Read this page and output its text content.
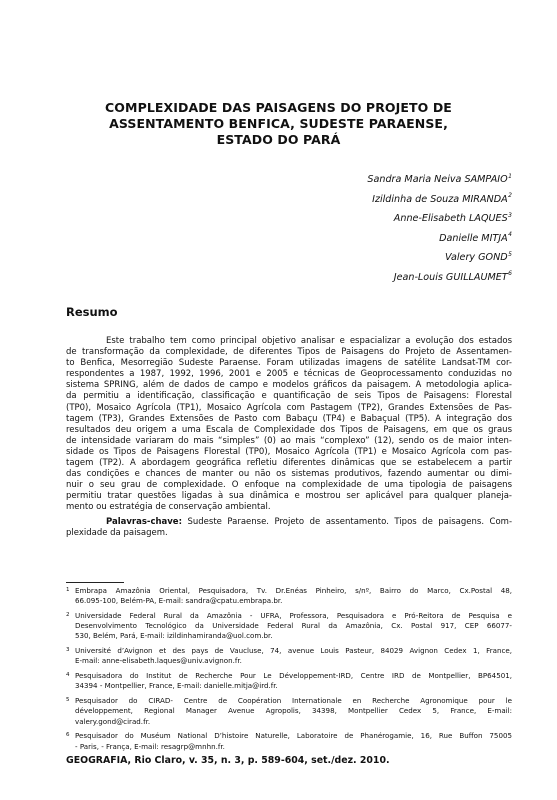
COMPLEXIDADE DAS PAISAGENS DO PROJETO DE
ASSENTAMENTO BENFICA, SUDESTE PARAENSE,
ESTADO DO PARÁ
Sandra Maria Neiva SAMPAIO$^1$
Izildinha de Souza MIRANDA$^2$
Anne-Elisabeth LAQUES$^3$
Danielle MITJA$^4$
Valery GOND$^5$
Jean-Louis GUILLAUMET$^6$
Resumo
Este trabalho tem como principal objetivo analisar e espacializar a evolução dos estados
de transformação da complexidade, de diferentes Tipos de Paisagens do Projeto de Assentamen-
to Benfica, Mesorregião Sudeste Paraense. Foram utilizadas imagens de satélite Landsat-TM cor-
respondentes a 1987, 1992, 1996, 2001 e 2005 e técnicas de Geoprocessamento conduzidas no
sistema SPRING, além de dados de campo e modelos gráficos da paisagem. A metodologia aplica-
da permitiu a identificação, classificação e quantificação de seis Tipos de Paisagens: Florestal
(TP0), Mosaico Agrícola (TP1), Mosaico Agrícola com Pastagem (TP2), Grandes Extensões de Pas-
tagem (TP3), Grandes Extensões de Pasto com Babaçu (TP4) e Babaçual (TP5). A integração dos
resultados deu origem a uma Escala de Complexidade dos Tipos de Paisagens, em que os graus
de intensidade variaram do mais “simples” (0) ao mais “complexo” (12), sendo os de maior inten-
sidade os Tipos de Paisagens Florestal (TP0), Mosaico Agrícola (TP1) e Mosaico Agrícola com pas-
tagem (TP2). A abordagem geográfica refletiu diferentes dinâmicas que se estabelecem a partir
das condições e chances de manter ou não os sistemas produtivos, fazendo aumentar ou dimi-
nuir o seu grau de complexidade. O enfoque na complexidade de uma tipologia de paisagens
permitiu tratar questões ligadas à sua dinâmica e mostrou ser aplicável para qualquer planeja-
mento ou estratégia de conservação ambiental.
Palavras-chave: Sudeste Paraense. Projeto de assentamento. Tipos de paisagens. Com-
plexidade da paisagem.
1 Embrapa Amazônia Oriental, Pesquisadora, Tv. Dr.Enéas Pinheiro, s/nº, Bairro do Marco, Cx.Postal 48,
66.095-100, Belém-PA, E-mail: sandra@cpatu.embrapa.br.
2 Universidade Federal Rural da Amazônia - UFRA, Professora, Pesquisadora e Pró-Reitora de Pesquisa e
Desenvolvimento Tecnológico da Universidade Federal Rural da Amazônia, Cx. Postal 917, CEP 66077-
530, Belém, Pará, E-mail: izildinhamiranda@uol.com.br.
3 Université d’Avignon et des pays de Vaucluse, 74, avenue Louis Pasteur, 84029 Avignon Cedex 1, France,
E-mail: anne-elisabeth.laques@univ.avignon.fr.
4 Pesquisadora do Institut de Recherche Pour Le Développement-IRD, Centre IRD de Montpellier, BP64501,
34394 - Montpellier, France, E-mail: danielle.mitja@ird.fr.
5 Pesquisador do CIRAD- Centre de Coopération Internationale en Recherche Agronomique pour le
développement, Regional Manager Avenue Agropolis, 34398, Montpellier Cedex 5, France, E-mail:
valery.gond@cirad.fr.
6 Pesquisador do Muséum National D’histoire Naturelle, Laboratoire de Phanérogamie, 16, Rue Buffon 75005
- Paris, - França, E-mail: resagrp@mnhn.fr.
GEOGRAFIA, Rio Claro, v. 35, n. 3, p. 589-604, set./dez. 2010.
